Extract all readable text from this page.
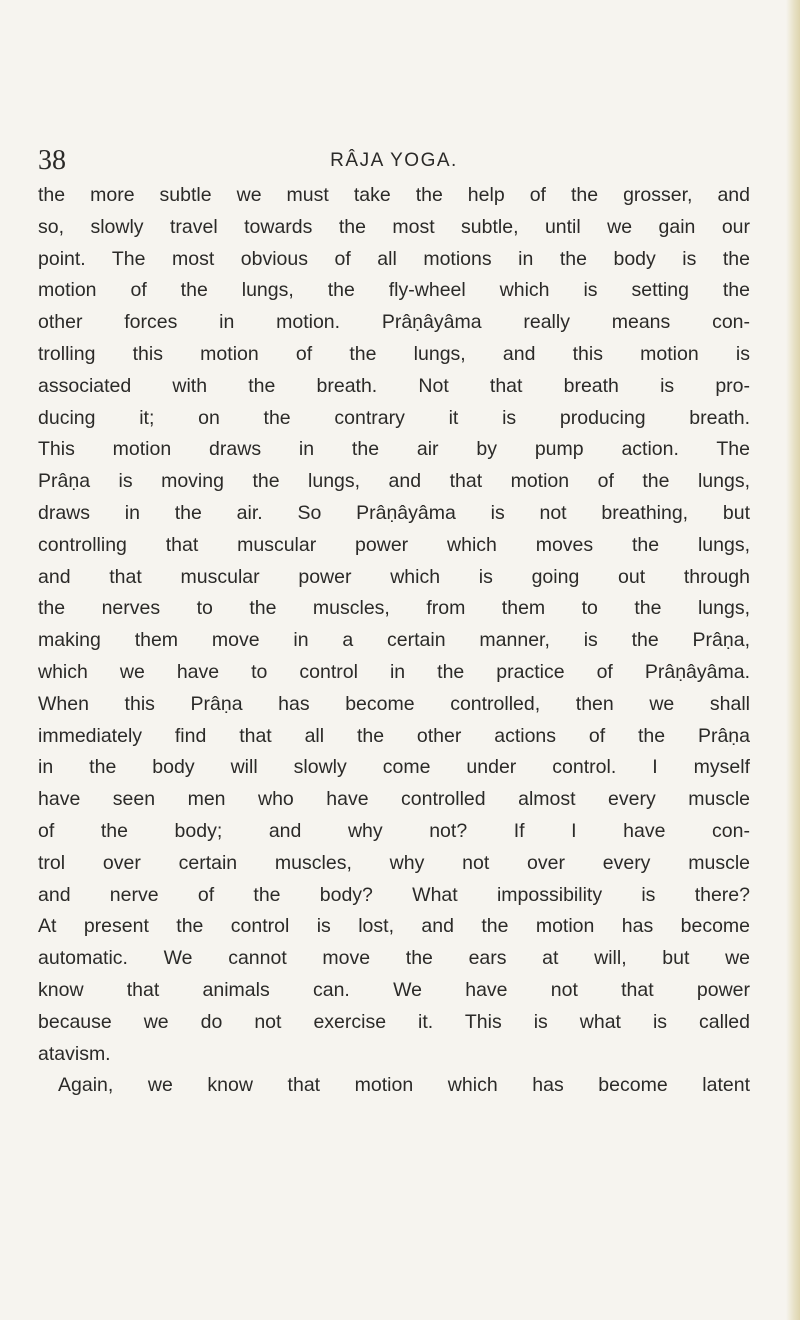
38	RÂJA YOGA.
the more subtle we must take the help of the grosser, and
so, slowly travel towards the most subtle, until we gain our
point. The most obvious of all motions in the body is the
motion of the lungs, the fly-wheel which is setting the
other forces in motion. Prâṇâyâma really means con-
trolling this motion of the lungs, and this motion is
associated with the breath. Not that breath is pro-
ducing it; on the contrary it is producing breath.
This motion draws in the air by pump action. The
Prâṇa is moving the lungs, and that motion of the lungs,
draws in the air. So Prâṇâyâma is not breathing, but
controlling that muscular power which moves the lungs,
and that muscular power which is going out through
the nerves to the muscles, from them to the lungs,
making them move in a certain manner, is the Prâṇa,
which we have to control in the practice of Prâṇâyâma.
When this Prâṇa has become controlled, then we shall
immediately find that all the other actions of the Prâṇa
in the body will slowly come under control. I myself
have seen men who have controlled almost every muscle
of the body; and why not? If I have con-
trol over certain muscles, why not over every muscle
and nerve of the body? What impossibility is there?
At present the control is lost, and the motion has become
automatic. We cannot move the ears at will, but we
know that animals can. We have not that power
because we do not exercise it. This is what is called
atavism.
Again, we know that motion which has become latent
